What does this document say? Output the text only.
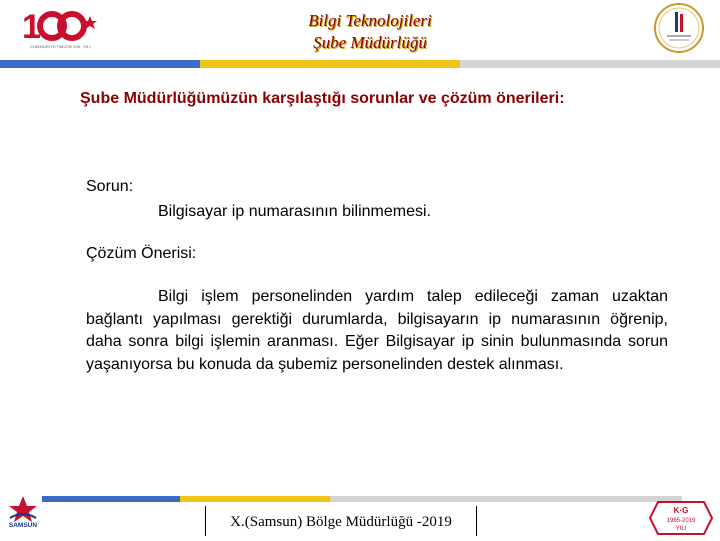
1
CUMHURİYETİMİZİN 100. YILI
Bilgi Teknolojileri
Şube Müdürlüğü
Şube Müdürlüğümüzün karşılaştığı sorunlar ve çözüm önerileri:
Sorun:
Bilgisayar ip numarasının bilinmemesi.
Çözüm Önerisi:
Bilgi işlem personelinden yardım talep edileceği zaman uzaktan bağlantı yapılması gerektiği durumlarda, bilgisayarın ip numarasının öğrenip, daha sonra bilgi işlemin aranması. Eğer Bilgisayar ip sinin bulunmasında sorun yaşanıyorsa bu konuda da şubemiz personelinden destek alınması.
X.(Samsun) Bölge Müdürlüğü -2019
SAMSUN
K·G
1965-2019
YILI
